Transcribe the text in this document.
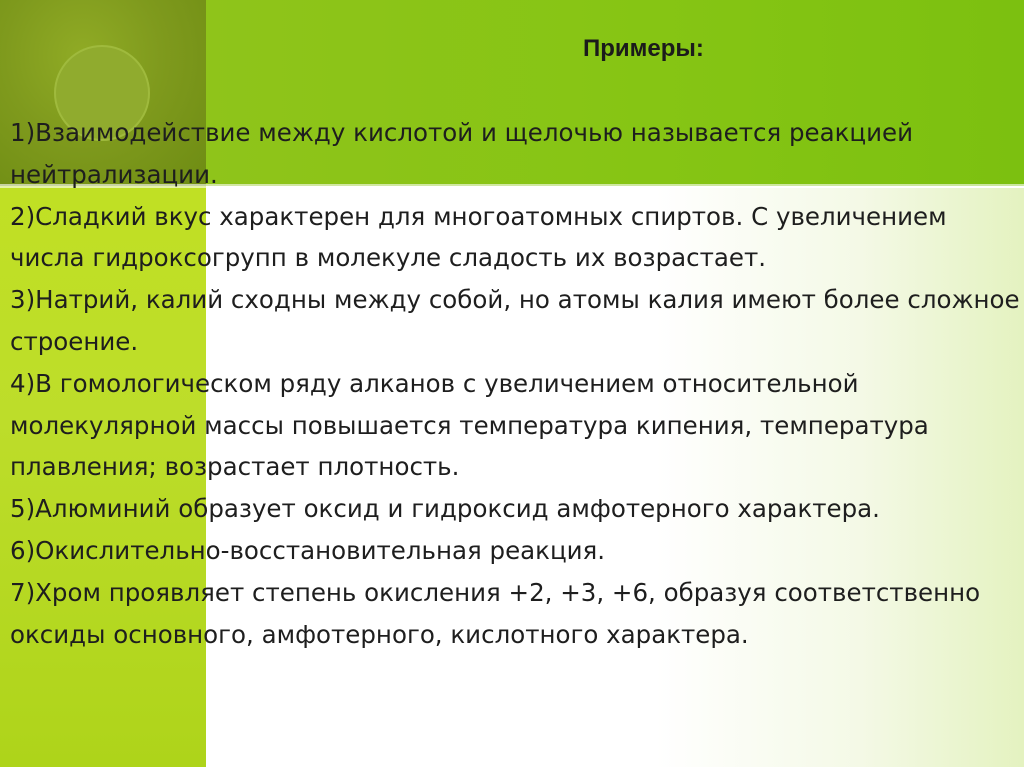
Примеры:
1)Взаимодействие между кислотой и щелочью называется реакцией нейтрализации.
2)Сладкий вкус характерен для многоатомных спиртов. С увеличением числа гидроксогрупп в молекуле сладость их возрастает.
3)Натрий, калий сходны между собой, но атомы калия имеют более сложное строение.
4)В гомологическом ряду алканов с увеличением относительной молекулярной массы повышается температура кипения, температура плавления; возрастает плотность.
5)Алюминий образует оксид и гидроксид амфотерного характера.
6)Окислительно-восстановительная реакция.
7)Хром проявляет степень окисления +2, +3, +6, образуя соответственно оксиды основного, амфотерного, кислотного характера.
